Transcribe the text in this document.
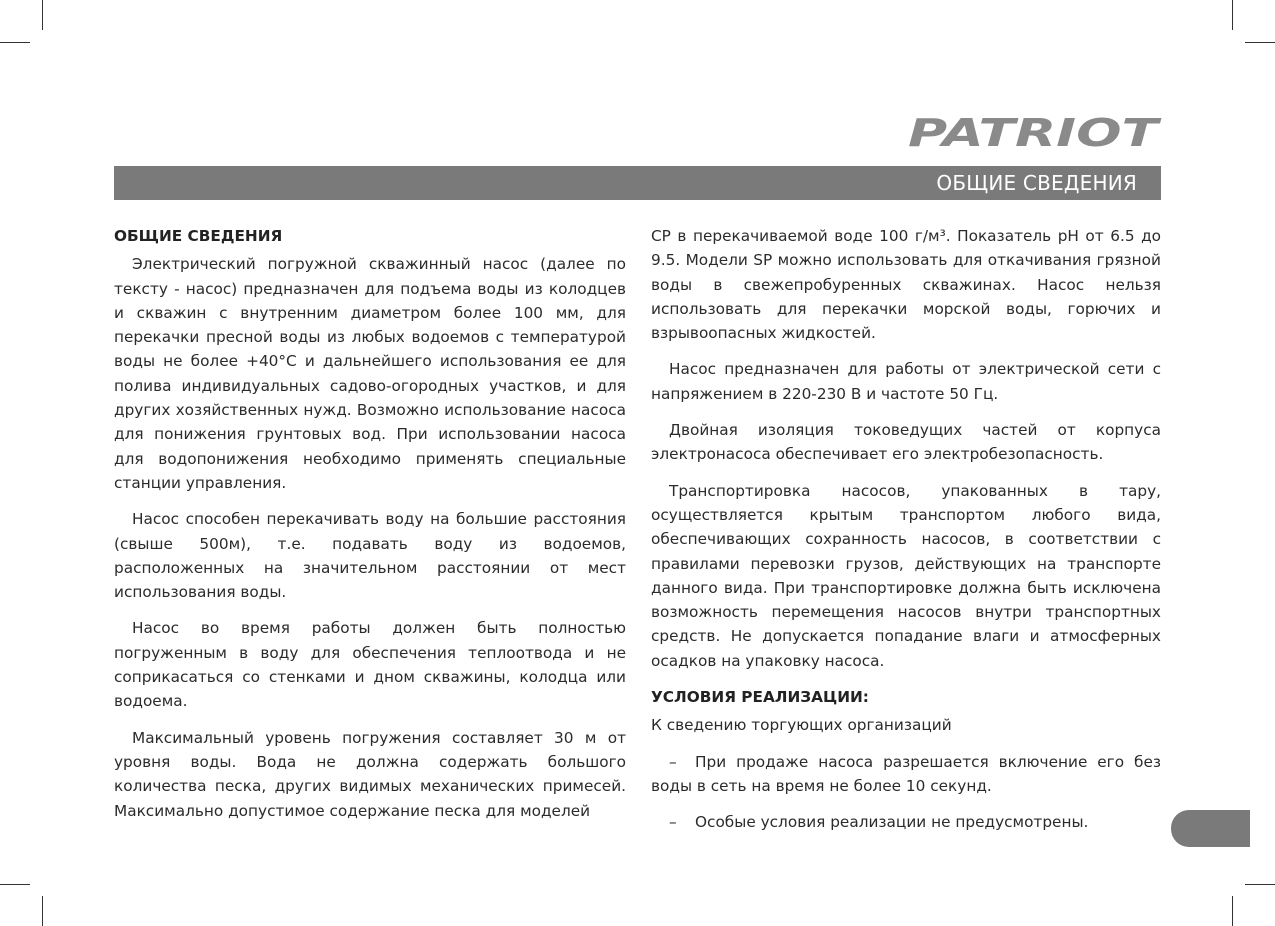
PATRIOT
ОБЩИЕ СВЕДЕНИЯ
ОБЩИЕ СВЕДЕНИЯ

Электрический погружной скважинный насос (далее по тексту - насос) предназначен для подъема воды из колодцев и скважин с внутренним диаметром более 100 мм, для перекачки пресной воды из любых водоемов с температурой воды не более +40°С и дальнейшего использования ее для полива индивидуальных садово-огородных участков, и для других хозяйственных нужд. Возможно использование насоса для понижения грунтовых вод. При использовании насоса для водопонижения необходимо применять специальные станции управления.

Насос способен перекачивать воду на большие расстояния (свыше 500м), т.е. подавать воду из водоемов, расположенных на значительном расстоянии от мест использования воды.

Насос во время работы должен быть полностью погруженным в воду для обеспечения теплоотвода и не соприкасаться со стенками и дном скважины, колодца или водоема.

Максимальный уровень погружения составляет 30 м от уровня воды. Вода не должна содержать большого количества песка, других видимых механических примесей. Максимально допустимое содержание песка для моделей

CP в перекачиваемой воде 100 г/м³. Показатель pH от 6.5 до 9.5. Модели SP можно использовать для откачивания грязной воды в свежепробуренных скважинах. Насос нельзя использовать для перекачки морской воды, горючих и взрывоопасных жидкостей.

Насос предназначен для работы от электрической сети с напряжением в 220-230 В и частоте 50 Гц.

Двойная изоляция токоведущих частей от корпуса электронасоса обеспечивает его электробезопасность.

Транспортировка насосов, упакованных в тару, осуществляется крытым транспортом любого вида, обеспечивающих сохранность насосов, в соответствии с правилами перевозки грузов, действующих на транспорте данного вида. При транспортировке должна быть исключена возможность перемещения насосов внутри транспортных средств. Не допускается попадание влаги и атмосферных осадков на упаковку насоса.

УСЛОВИЯ РЕАЛИЗАЦИИ:

К сведению торгующих организаций

– При продаже насоса разрешается включение его без воды в сеть на время не более 10 секунд.

– Особые условия реализации не предусмотрены.
